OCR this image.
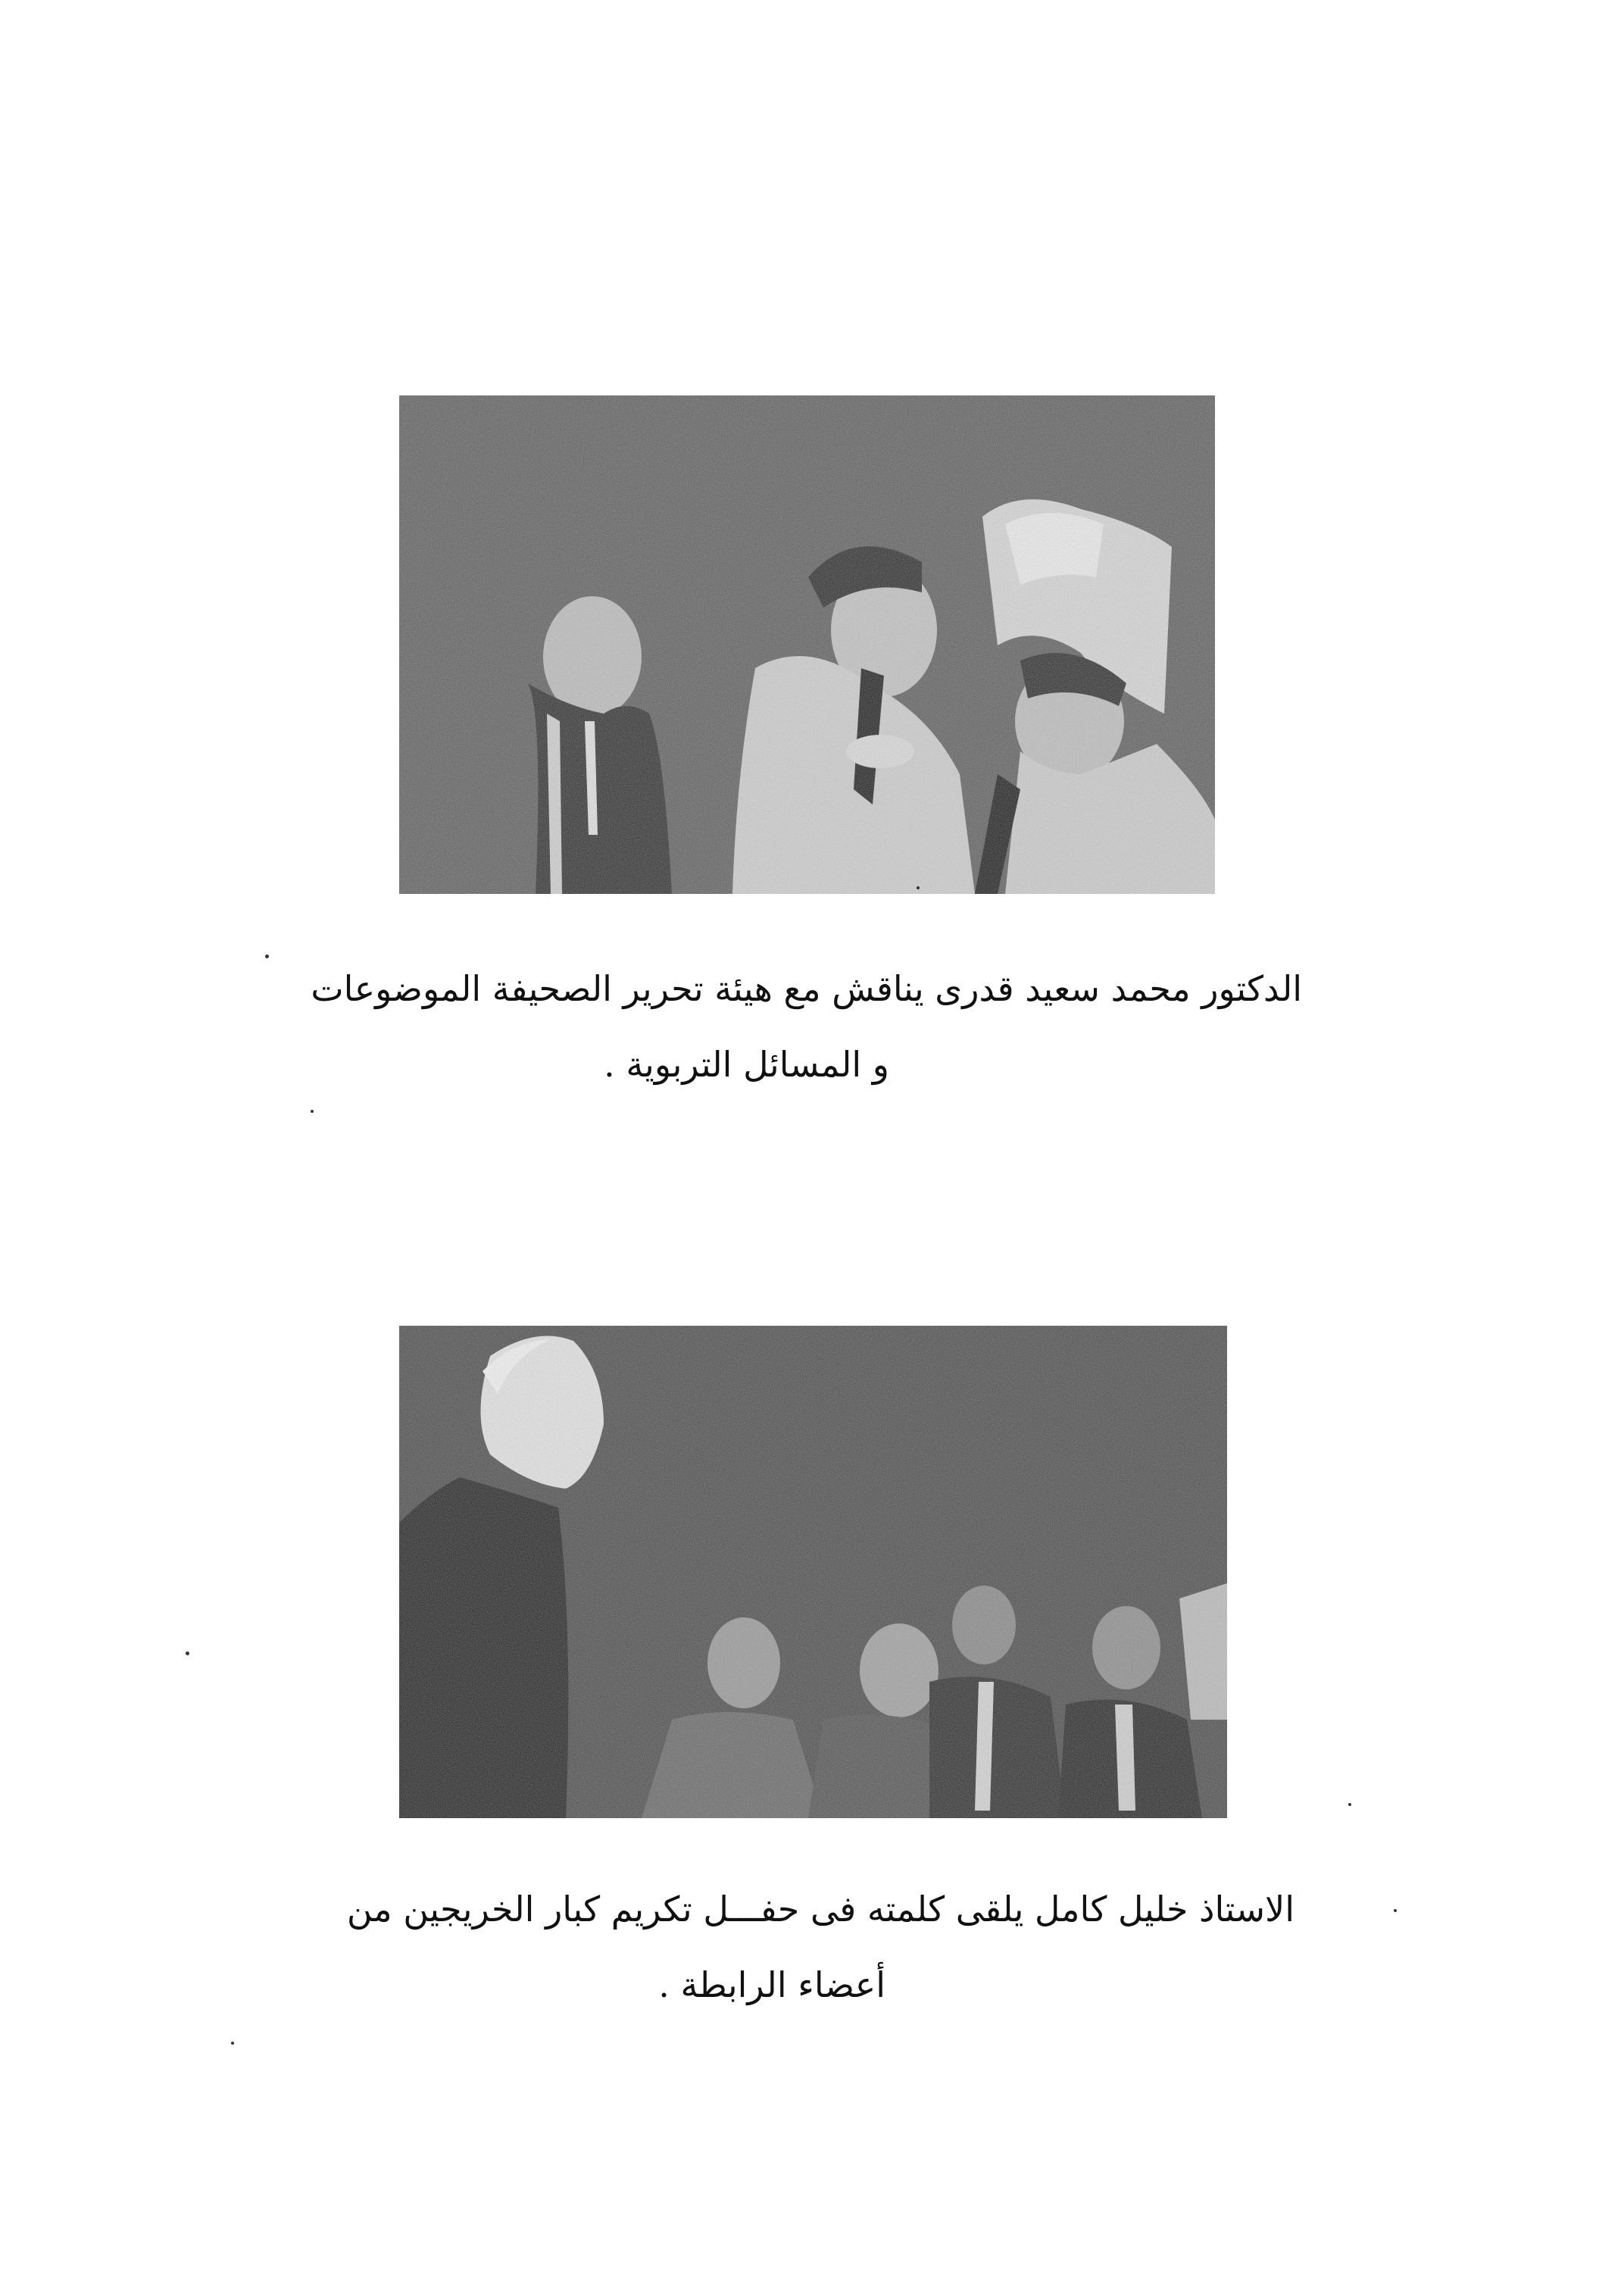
الدكتور محمد سعيد قدرى يناقش مع هيئة تحرير الصحيفة الموضوعات
و المسائل التربوية .
الاستاذ خليل كامل يلقى كلمته فى حفـــل تكريم كبار الخريجين من
أعضاء الرابطة .
